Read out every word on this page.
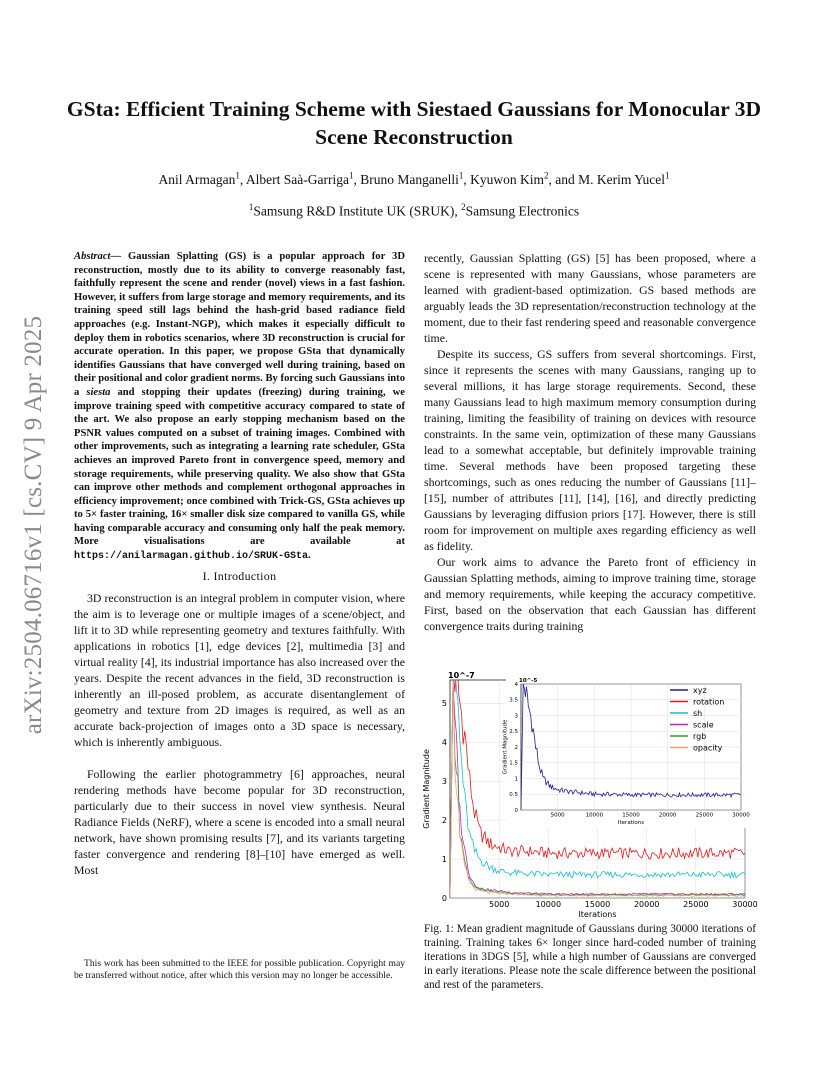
arXiv:2504.06716v1 [cs.CV] 9 Apr 2025
GSta: Efficient Training Scheme with Siestaed Gaussians for Monocular 3D Scene Reconstruction
Anil Armagan$^1$, Albert Saà-Garriga$^1$, Bruno Manganelli$^1$, Kyuwon Kim$^2$, and M. Kerim Yucel$^1$
$^1$Samsung R&D Institute UK (SRUK), $^2$Samsung Electronics

Abstract— Gaussian Splatting (GS) is a popular approach for 3D reconstruction, mostly due to its ability to converge reasonably fast, faithfully represent the scene and render (novel) views in a fast fashion. However, it suffers from large storage and memory requirements, and its training speed still lags behind the hash-grid based radiance field approaches (e.g. Instant-NGP), which makes it especially difficult to deploy them in robotics scenarios, where 3D reconstruction is crucial for accurate operation. In this paper, we propose GSta that dynamically identifies Gaussians that have converged well during training, based on their positional and color gradient norms. By forcing such Gaussians into a siesta and stopping their updates (freezing) during training, we improve training speed with competitive accuracy compared to state of the art. We also propose an early stopping mechanism based on the PSNR values computed on a subset of training images. Combined with other improvements, such as integrating a learning rate scheduler, GSta achieves an improved Pareto front in convergence speed, memory and storage requirements, while preserving quality. We also show that GSta can improve other methods and complement orthogonal approaches in efficiency improvement; once combined with Trick-GS, GSta achieves up to 5× faster training, 16× smaller disk size compared to vanilla GS, while having comparable accuracy and consuming only half the peak memory. More visualisations are available at https://anilarmagan.github.io/SRUK-GSta.

I. Introduction

3D reconstruction is an integral problem in computer vision, where the aim is to leverage one or multiple images of a scene/object, and lift it to 3D while representing geometry and textures faithfully. With applications in robotics [1], edge devices [2], multimedia [3] and virtual reality [4], its industrial importance has also increased over the years. Despite the recent advances in the field, 3D reconstruction is inherently an ill-posed problem, as accurate disentanglement of geometry and texture from 2D images is required, as well as an accurate back-projection of images onto a 3D space is necessary, which is inherently ambiguous.

Following the earlier photogrammetry [6] approaches, neural rendering methods have become popular for 3D reconstruction, particularly due to their success in novel view synthesis. Neural Radiance Fields (NeRF), where a scene is encoded into a small neural network, have shown promising results [7], and its variants targeting faster convergence and rendering [8]–[10] have emerged as well. Most

This work has been submitted to the IEEE for possible publication. Copyright may be transferred without notice, after which this version may no longer be accessible.

recently, Gaussian Splatting (GS) [5] has been proposed, where a scene is represented with many Gaussians, whose parameters are learned with gradient-based optimization. GS based methods are arguably leads the 3D representation/reconstruction technology at the moment, due to their fast rendering speed and reasonable convergence time.

Despite its success, GS suffers from several shortcomings. First, since it represents the scenes with many Gaussians, ranging up to several millions, it has large storage requirements. Second, these many Gaussians lead to high maximum memory consumption during training, limiting the feasibility of training on devices with resource constraints. In the same vein, optimization of these many Gaussians lead to a somewhat acceptable, but definitely improvable training time. Several methods have been proposed targeting these shortcomings, such as ones reducing the number of Gaussians [11]–[15], number of attributes [11], [14], [16], and directly predicting Gaussians by leveraging diffusion priors [17]. However, there is still room for improvement on multiple axes regarding efficiency as well as fidelity.

Our work aims to advance the Pareto front of efficiency in Gaussian Splatting methods, aiming to improve training time, storage and memory requirements, while keeping the accuracy competitive. First, based on the observation that each Gaussian has different convergence traits during training

5000	10000	15000	20000	25000	30000
0
1
2
3
4
5
Iterations
Gradient Magnitude
10^-7
5000	10000	15000	20000	25000	30000
0
0.5
1
1.5
2
2.5
3
3.5
4
Iterations
Gradient Magnitude
10^-5
xyz
rotation
sh
scale
rgb
opacity

Fig. 1: Mean gradient magnitude of Gaussians during 30000 iterations of training. Training takes 6× longer since hard-coded number of training iterations in 3DGS [5], while a high number of Gaussians are converged in early iterations. Please note the scale difference between the positional and rest of the parameters.
